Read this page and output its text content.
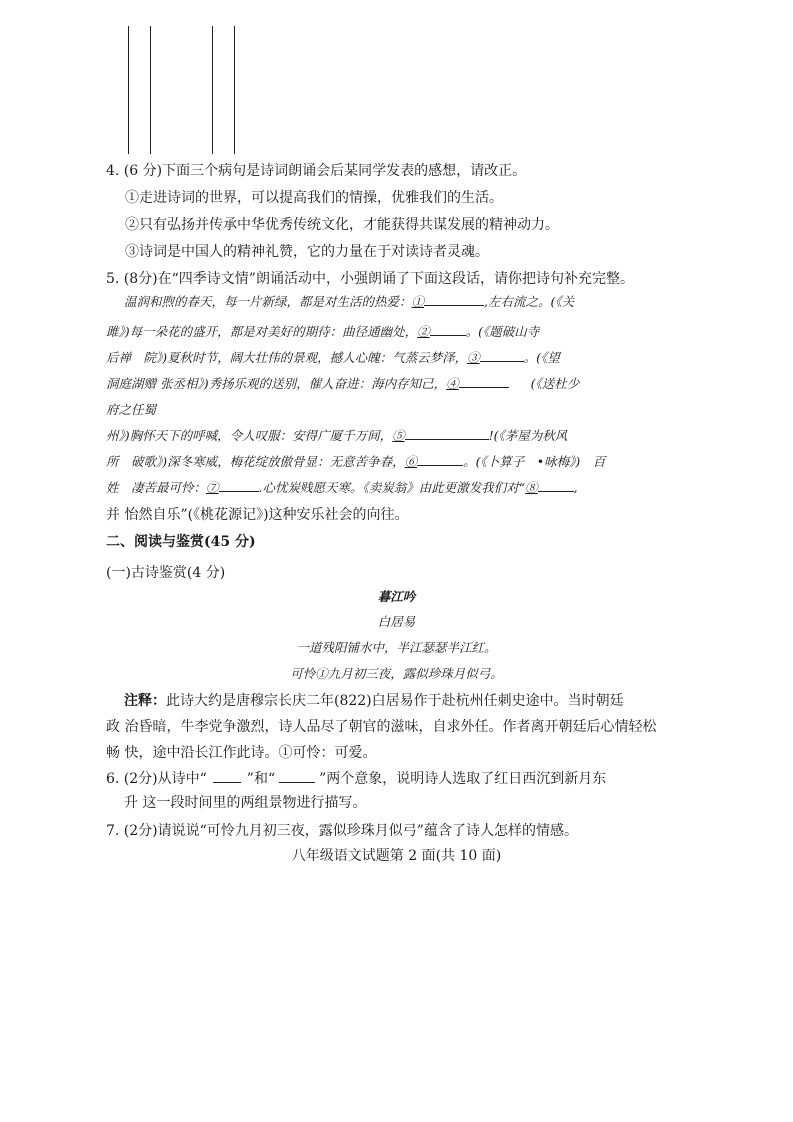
4. (6 分)下面三个病句是诗词朗诵会后某同学发表的感想，请改正。
①走进诗词的世界，可以提高我们的情操，优雅我们的生活。
②只有弘扬并传承中华优秀传统文化，才能获得共谋发展的精神动力。
③诗词是中国人的精神礼赞，它的力量在于对读诗者灵魂。
5. (8分)在“四季诗文情”朗诵活动中，小强朗诵了下面这段话，请你把诗句补充完整。
温润和煦的春天，每一片新绿，都是对生活的热爱：①	,左右流之。(《关
雎》)每一朵花的盛开，都是对美好的期待：曲径通幽处，②	。(《题破山寺
后禅　院》)夏秋时节，阔大壮伟的景观，撼人心魄：气蒸云梦泽，③	。(《望
洞庭湖赠 张丞相》)秀扬乐观的送别，催人奋进：海内存知己，④	(《送杜少
府之任蜀
州》)胸怀天下的呼喊，令人叹服：安得广厦千万间，⑤	!(《茅屋为秋风
所　破歌》)深冬寒威，梅花绽放傲骨显：无意苦争春，⑥	。(《卜算子　•咏梅》)　百
姓　凄苦最可怜：⑦	.心忧炭贱愿天寒。《卖炭翁》由此更激发我们对“⑧	,
并 怡然自乐”(《桃花源记》)这种安乐社会的向往。
二、阅读与鉴赏(45 分)
(一)古诗鉴赏(4 分)
暮江吟
白居易
一道残阳铺水中，半江瑟瑟半江红。
可怜①九月初三夜，露似珍珠月似弓。
注释：此诗大约是唐穆宗长庆二年(822)白居易作于赴杭州任刺史途中。当时朝廷
政 治昏暗，牛李党争激烈，诗人品尽了朝官的滋味，自求外任。作者离开朝廷后心情轻松
畅 快，途中沿长江作此诗。①可怜：可爱。
6. (2分)从诗中“	”和“	”两个意象，说明诗人选取了红日西沉到新月东
升 这一段时间里的两组景物进行描写。
7. (2分)请说说“可怜九月初三夜，露似珍珠月似弓”蕴含了诗人怎样的情感。
八年级语文试题第 2 面(共 10 面)
